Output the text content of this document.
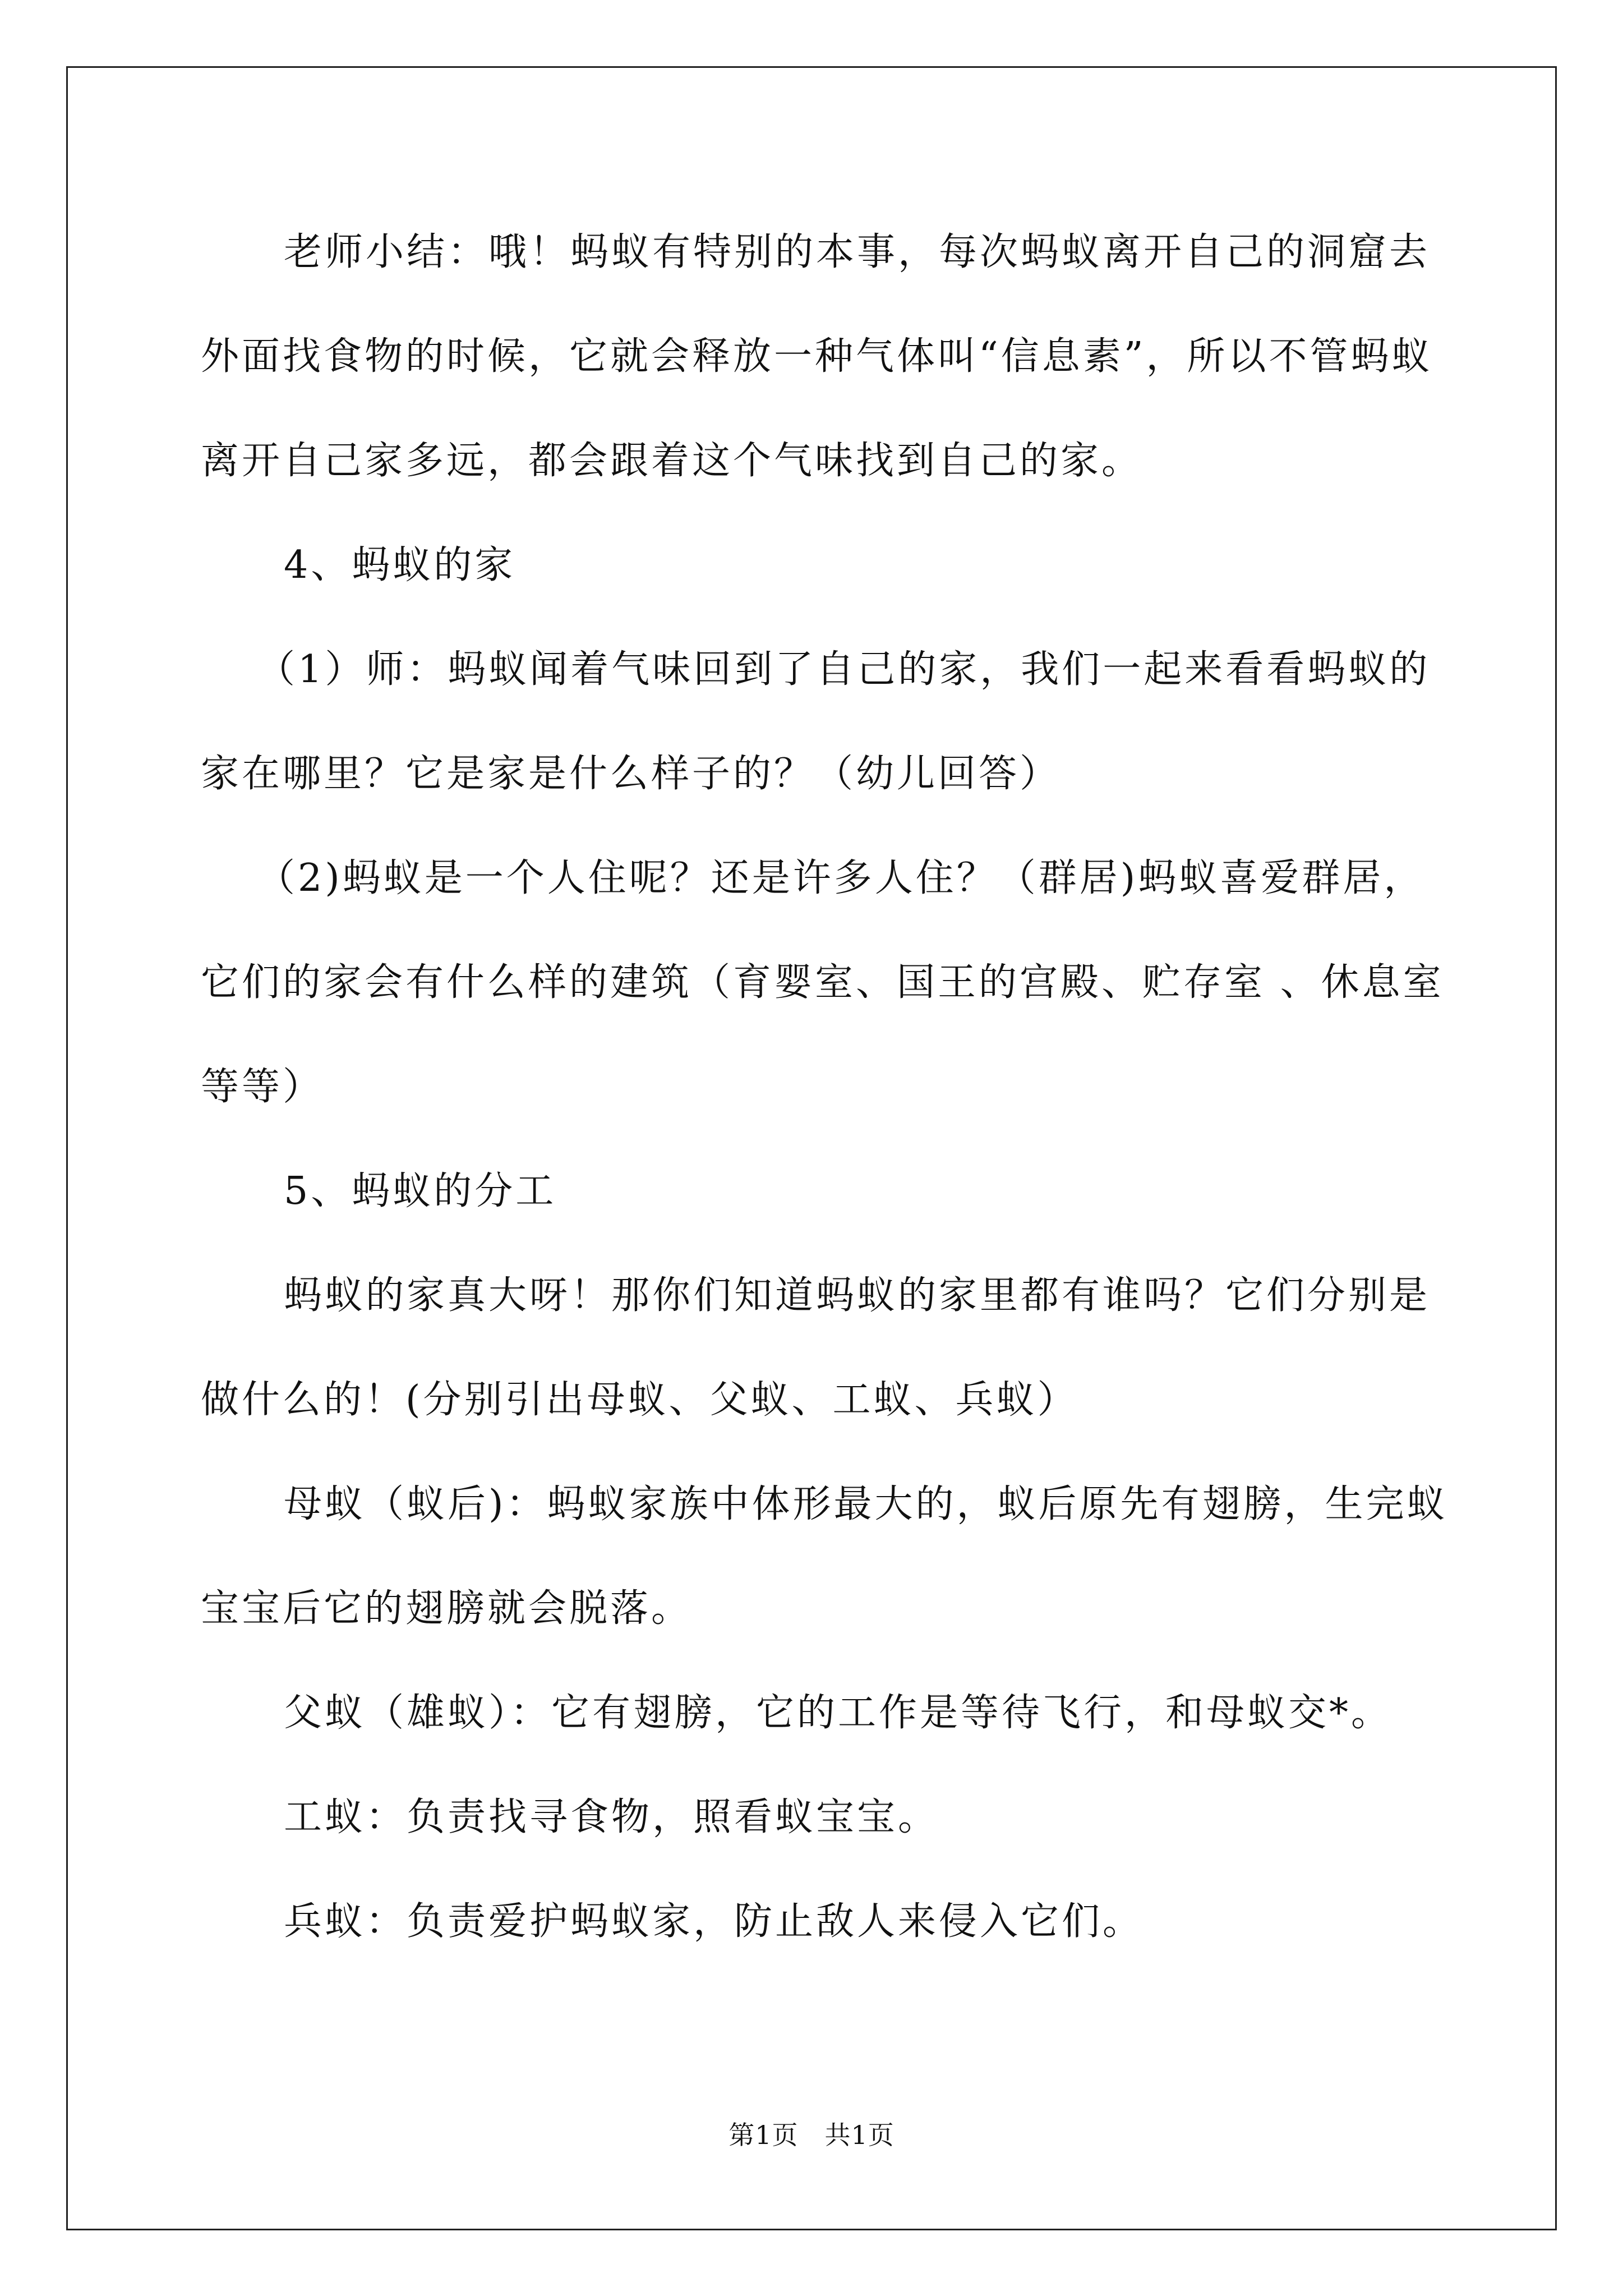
老师小结：哦！蚂蚁有特别的本事，每次蚂蚁离开自己的洞窟去
外面找食物的时候，它就会释放一种气体叫“信息素”，所以不管蚂蚁
离开自己家多远，都会跟着这个气味找到自己的家。
4、蚂蚁的家
（1）师：蚂蚁闻着气味回到了自己的家，我们一起来看看蚂蚁的
家在哪里？它是家是什么样子的？（幼儿回答）
（2)蚂蚁是一个人住呢？还是许多人住？（群居)蚂蚁喜爱群居，
它们的家会有什么样的建筑（育婴室、国王的宫殿、贮存室 、休息室
等等）
5、蚂蚁的分工
蚂蚁的家真大呀！那你们知道蚂蚁的家里都有谁吗？它们分别是
做什么的！(分别引出母蚁、父蚁、工蚁、兵蚁）
母蚁（蚁后)：蚂蚁家族中体形最大的，蚁后原先有翅膀，生完蚁
宝宝后它的翅膀就会脱落。
父蚁（雄蚁）：它有翅膀，它的工作是等待飞行，和母蚁交*。
工蚁：负责找寻食物，照看蚁宝宝。
兵蚁：负责爱护蚂蚁家，防止敌人来侵入它们。
第1页　共1页
